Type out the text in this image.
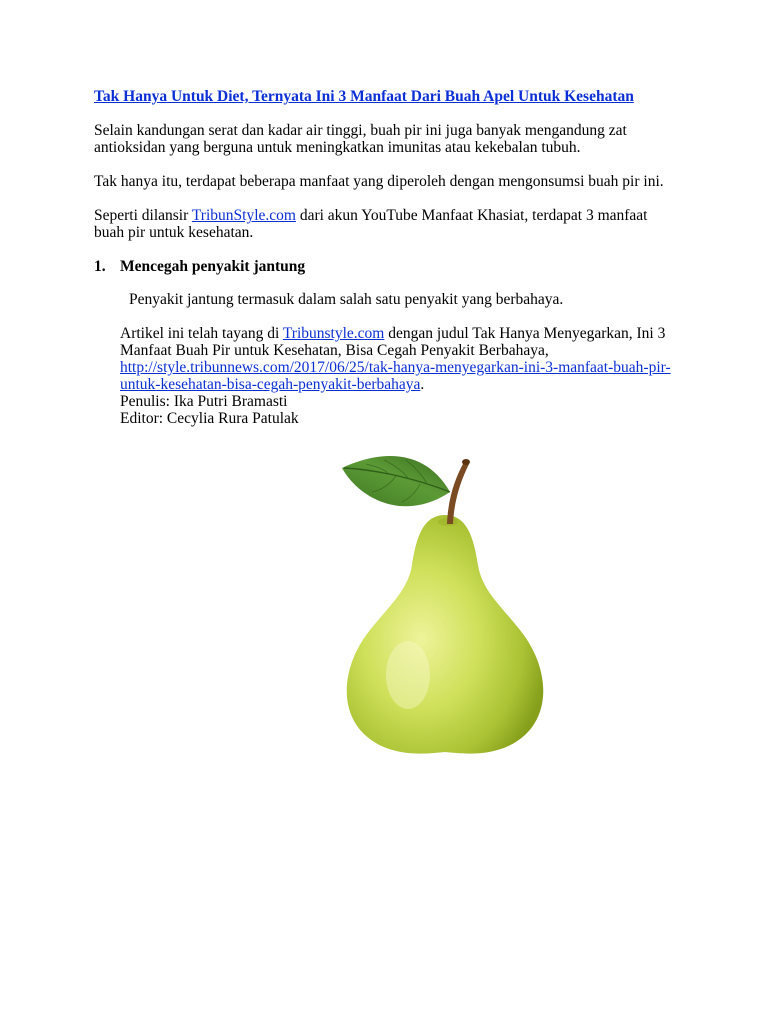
Tak Hanya Untuk Diet, Ternyata Ini 3 Manfaat Dari Buah Apel Untuk Kesehatan
Selain kandungan serat dan kadar air tinggi, buah pir ini juga banyak mengandung zat
antioksidan yang berguna untuk meningkatkan imunitas atau kekebalan tubuh.
Tak hanya itu, terdapat beberapa manfaat yang diperoleh dengan mengonsumsi buah pir ini.
Seperti dilansir TribunStyle.com dari akun YouTube Manfaat Khasiat, terdapat 3 manfaat
buah pir untuk kesehatan.
1. Mencegah penyakit jantung
Penyakit jantung termasuk dalam salah satu penyakit yang berbahaya.
Artikel ini telah tayang di Tribunstyle.com dengan judul Tak Hanya Menyegarkan, Ini 3
Manfaat Buah Pir untuk Kesehatan, Bisa Cegah Penyakit Berbahaya,
http://style.tribunnews.com/2017/06/25/tak-hanya-menyegarkan-ini-3-manfaat-buah-pir-
untuk-kesehatan-bisa-cegah-penyakit-berbahaya.
Penulis: Ika Putri Bramasti
Editor: Cecylia Rura Patulak
